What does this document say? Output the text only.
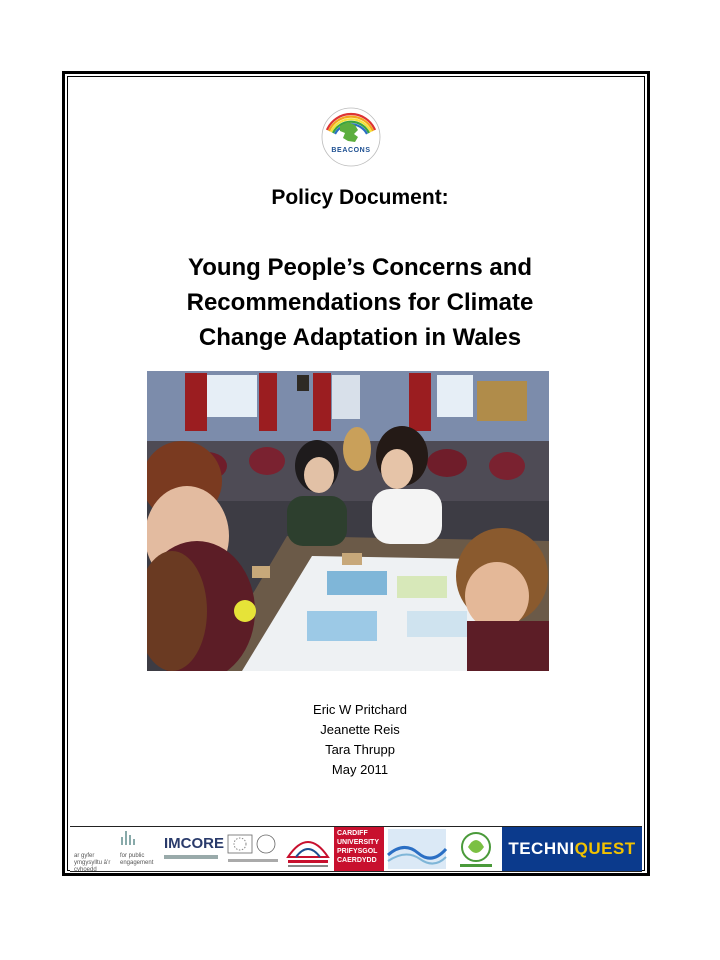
BEACONS
Policy Document:
Young People’s Concerns and
Recommendations for Climate
Change Adaptation in Wales
Eric W Pritchard
Jeanette Reis
Tara Thrupp
May 2011
ar gyfer ymgysylltu â’r cyhoedd
for public engagement
IMCORE
CARDIFF
UNIVERSITY
PRIFYSGOL
CAERDYDD
TECHNI QUEST
